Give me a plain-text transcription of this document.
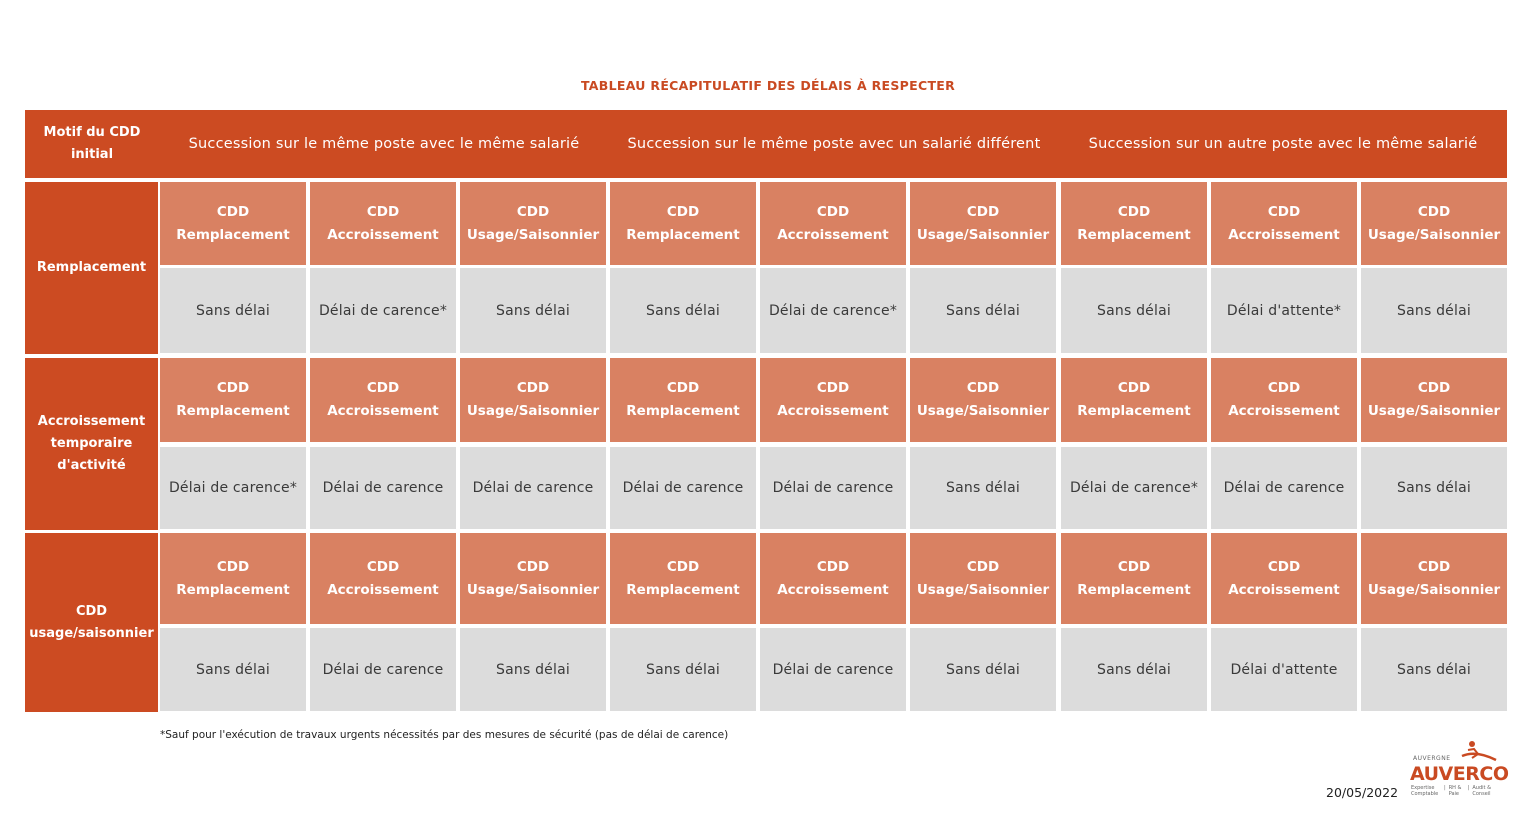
TABLEAU RÉCAPITULATIF DES DÉLAIS À RESPECTER
Motif du CDD initial
Succession sur le même poste avec le même salarié	Succession sur le même poste avec un salarié différent	Succession sur un autre poste avec le même salarié
Remplacement
CDD
Remplacement
Sans délai
CDD
Accroissement
Délai de carence*
CDD
Usage/Saisonnier
Sans délai
CDD
Remplacement
Sans délai
CDD
Accroissement
Délai de carence*
CDD
Usage/Saisonnier
Sans délai
CDD
Remplacement
Sans délai
CDD
Accroissement
Délai d'attente*
CDD
Usage/Saisonnier
Sans délai
Accroissement temporaire d'activité
CDD
Remplacement
Délai de carence*
CDD
Accroissement
Délai de carence
CDD
Usage/Saisonnier
Délai de carence
CDD
Remplacement
Délai de carence
CDD
Accroissement
Délai de carence
CDD
Usage/Saisonnier
Sans délai
CDD
Remplacement
Délai de carence*
CDD
Accroissement
Délai de carence
CDD
Usage/Saisonnier
Sans délai
CDD usage/saisonnier
CDD
Remplacement
Sans délai
CDD
Accroissement
Délai de carence
CDD
Usage/Saisonnier
Sans délai
CDD
Remplacement
Sans délai
CDD
Accroissement
Délai de carence
CDD
Usage/Saisonnier
Sans délai
CDD
Remplacement
Sans délai
CDD
Accroissement
Délai d'attente
CDD
Usage/Saisonnier
Sans délai
*Sauf pour l'exécution de travaux urgents nécessités par des mesures de sécurité (pas de délai de carence)
20/05/2022
AUVERGNE
AUVERCO
Expertise Comptable| RH & Paie| Audit & Conseil
